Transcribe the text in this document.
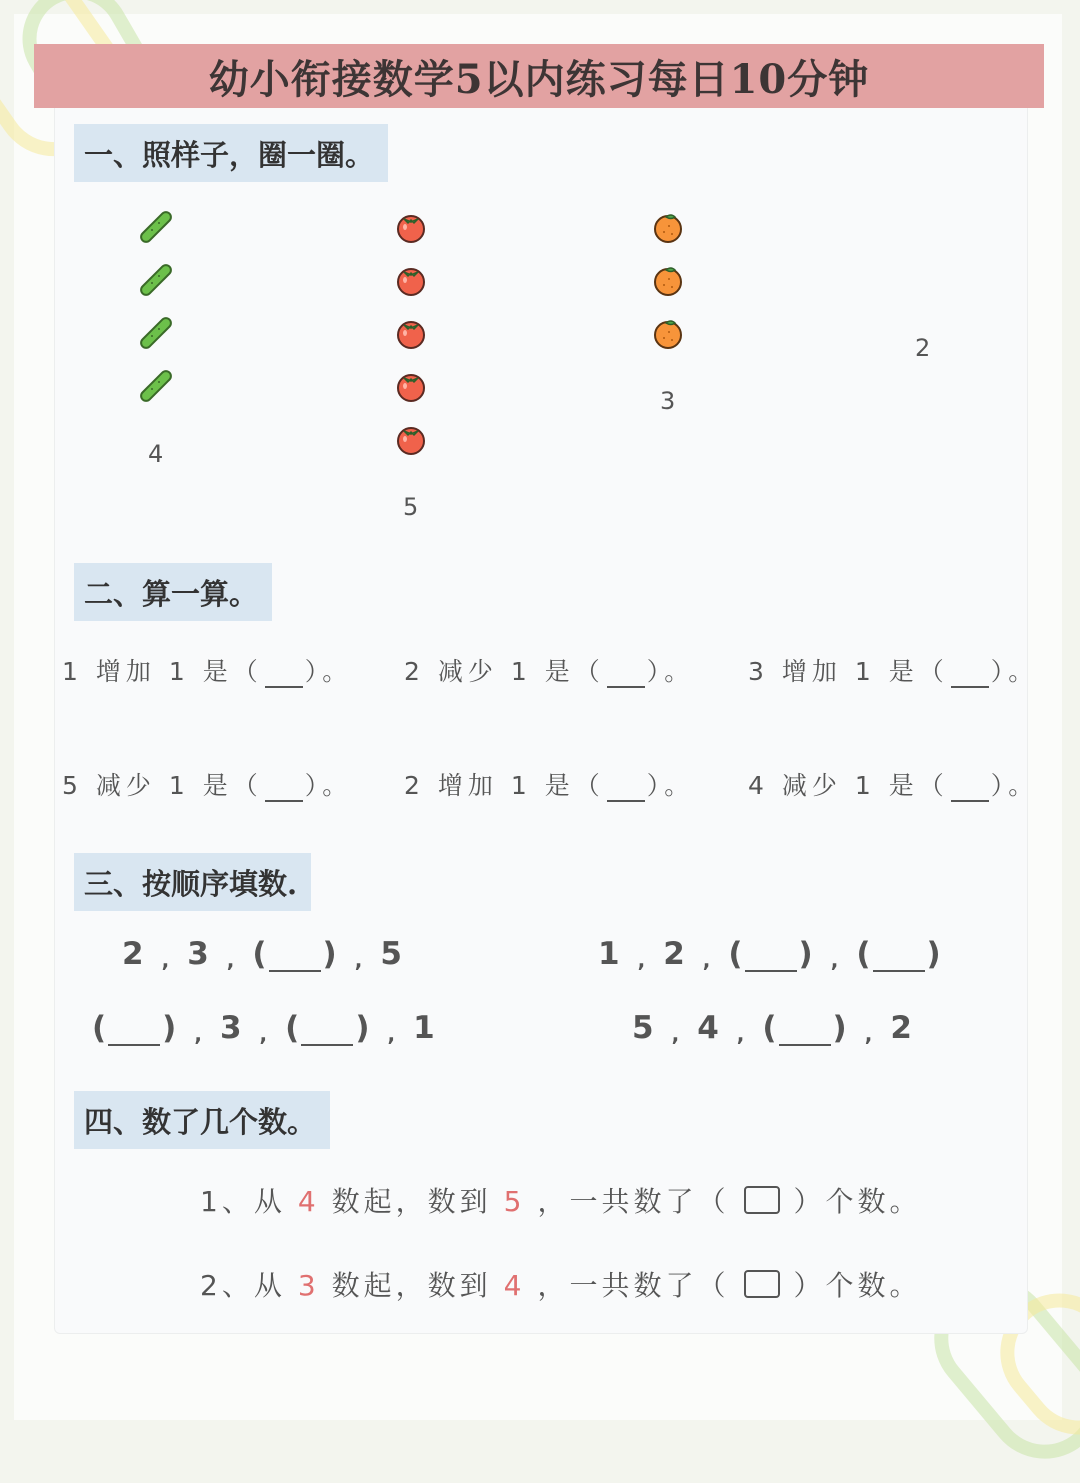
幼小衔接数学5以内练习每日10分钟
一、照样子，圈一圈。
4
5
3
2
二、算一算。
1 增加 1 是（ ）。 2 减少 1 是（ ）。 3 增加 1 是（ ）。
5 减少 1 是（ ）。 2 增加 1 是（ ）。 4 减少 1 是（ ）。
三、按顺序填数.
2 , 3 , ( ) , 5	1 , 2 , ( ) , ( )
( ) , 3 , ( ) , 1	5 , 4 , ( ) , 2
四、数了几个数。
1、从 4 数起，数到 5 ，一共数了（ ）个数。
2、从 3 数起，数到 4 ，一共数了（ ）个数。
